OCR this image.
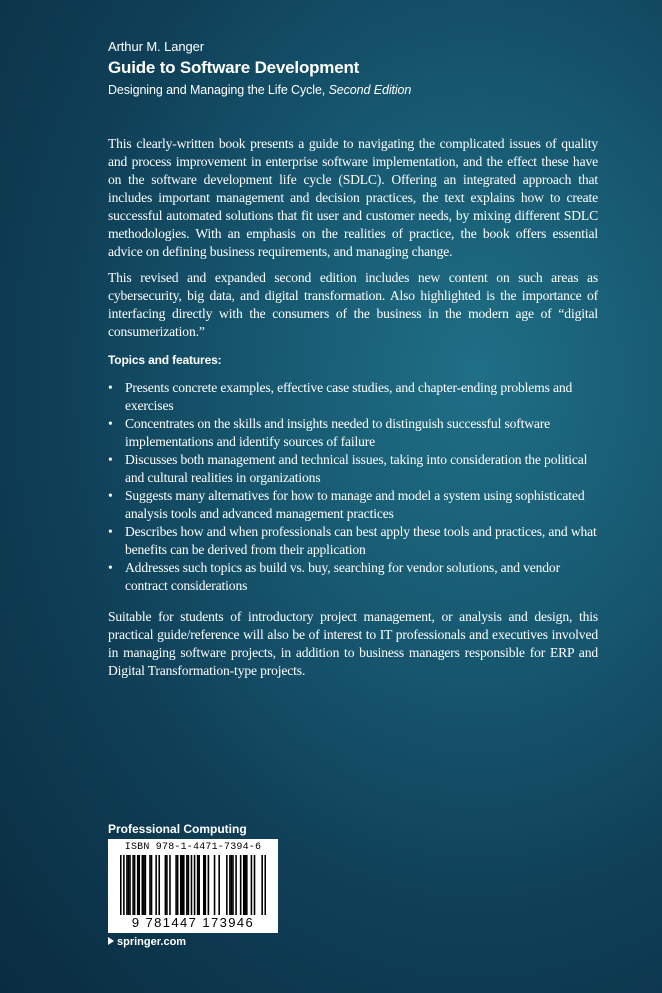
Arthur M. Langer
Guide to Software Development
Designing and Managing the Life Cycle, Second Edition

This clearly-written book presents a guide to navigating the complicated issues of quality and process improvement in enterprise software implementation, and the effect these have on the software development life cycle (SDLC). Offering an integrated approach that includes important management and decision practices, the text explains how to create successful automated solutions that fit user and customer needs, by mixing different SDLC methodologies. With an emphasis on the realities of practice, the book offers essential advice on defining business requirements, and managing change.

This revised and expanded second edition includes new content on such areas as cybersecurity, big data, and digital transformation. Also highlighted is the importance of interfacing directly with the consumers of the business in the modern age of “digital consumerization.”

Topics and features:
• Presents concrete examples, effective case studies, and chapter-ending problems and exercises
• Concentrates on the skills and insights needed to distinguish successful software implementations and identify sources of failure
• Discusses both management and technical issues, taking into consideration the political and cultural realities in organizations
• Suggests many alternatives for how to manage and model a system using sophisticated analysis tools and advanced management practices
• Describes how and when professionals can best apply these tools and practices, and what benefits can be derived from their application
• Addresses such topics as build vs. buy, searching for vendor solutions, and vendor contract considerations

Suitable for students of introductory project management, or analysis and design, this practical guide/reference will also be of interest to IT professionals and executives involved in managing software projects, in addition to business managers responsible for ERP and Digital Transformation-type projects.

Professional Computing
ISBN 978-1-4471-7394-6
9 781447 173946
springer.com
